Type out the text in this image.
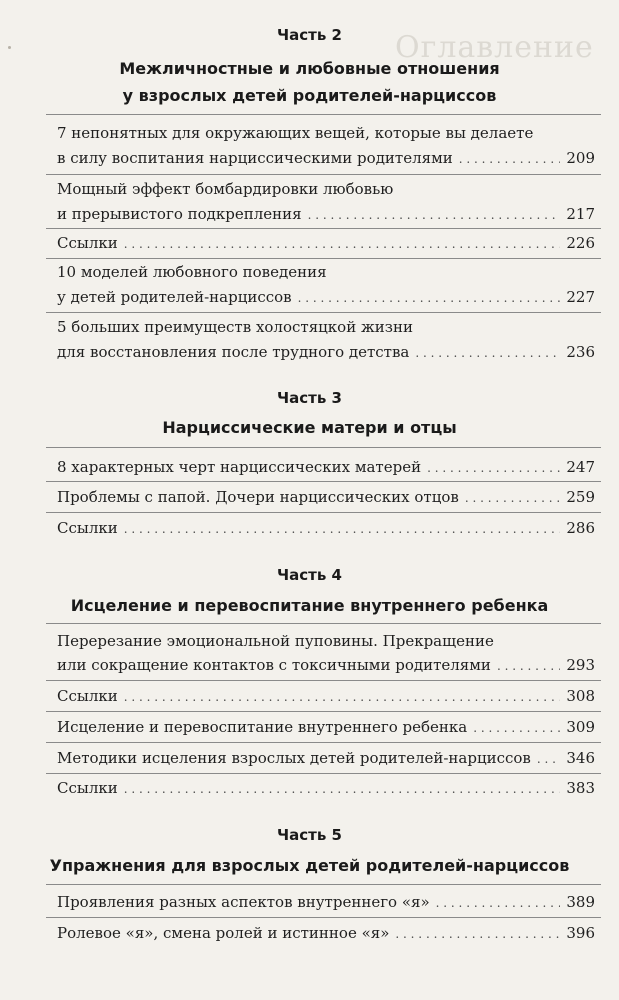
Оглавление
Часть 2
Межличностные и любовные отношения
у взрослых детей родителей-нарциссов
7 непонятных для окружающих вещей, которые вы делаете
в силу воспитания нарциссическими родителями . . .	209
Мощный эффект бомбардировки любовью
и прерывистого подкрепления . . .	217
Ссылки . . .	226
10 моделей любовного поведения
у детей родителей-нарциссов . . .	227
5 больших преимуществ холостяцкой жизни
для восстановления после трудного детства . . .	236
Часть 3
Нарциссические матери и отцы
8 характерных черт нарциссических матерей . . .	247
Проблемы с папой. Дочери нарциссических отцов . . .	259
Ссылки . . .	286
Часть 4
Исцеление и перевоспитание внутреннего ребенка
Перерезание эмоциональной пуповины. Прекращение
или сокращение контактов с токсичными родителями . . .	293
Ссылки . . .	308
Исцеление и перевоспитание внутреннего ребенка . . .	309
Методики исцеления взрослых детей родителей-нарциссов . . . 346
Ссылки . . .	383
Часть 5
Упражнения для взрослых детей родителей-нарциссов
Проявления разных аспектов внутреннего «я» . . .	389
Ролевое «я», смена ролей и истинное «я» . . .	396
